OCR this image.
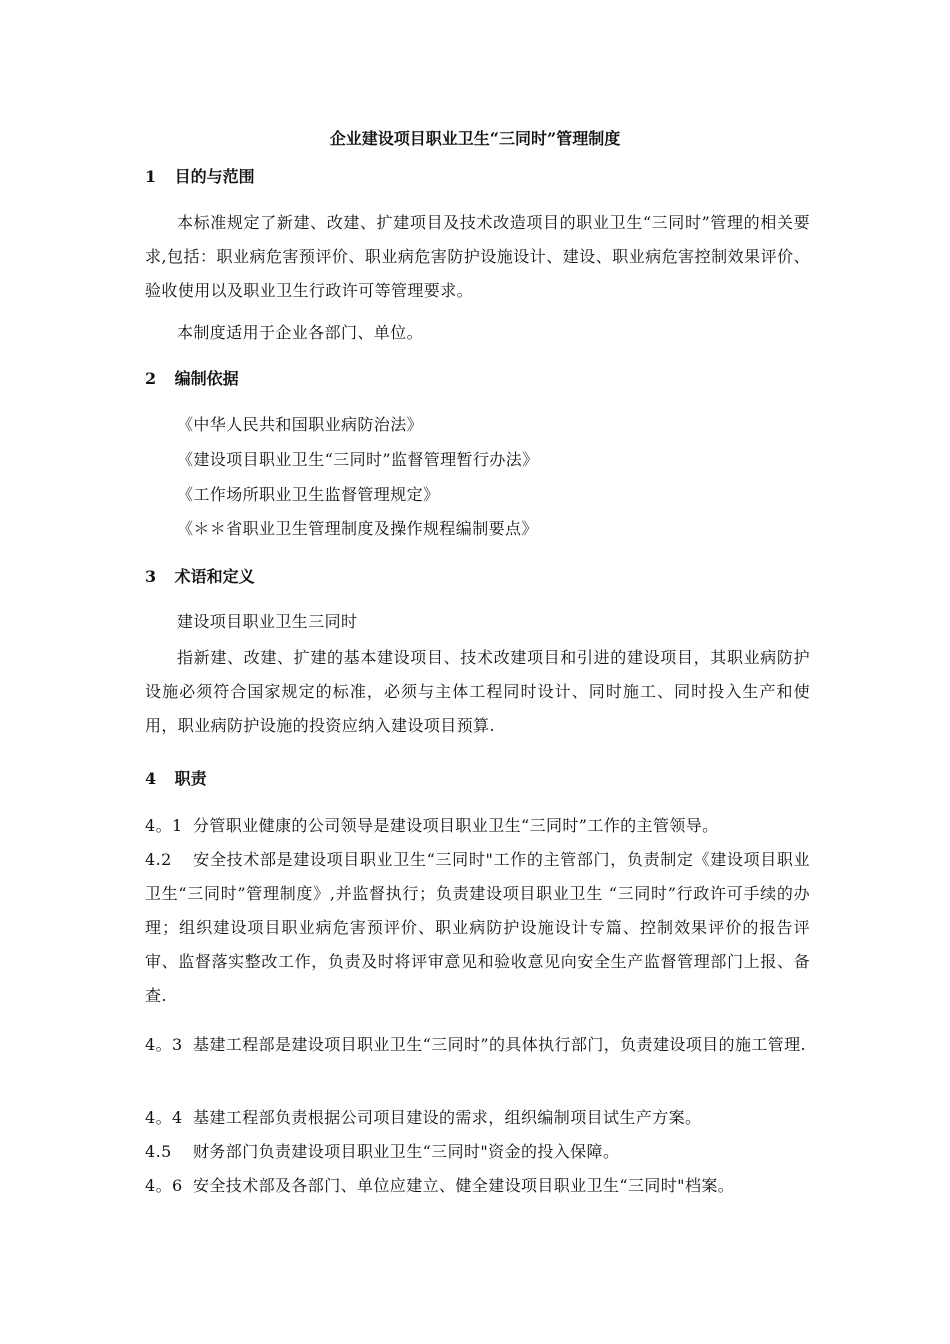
企业建设项目职业卫生“三同时”管理制度
1 目的与范围
本标准规定了新建、改建、扩建项目及技术改造项目的职业卫生“三同时”管理的相关要求,包括：职业病危害预评价、职业病危害防护设施设计、建设、职业病危害控制效果评价、验收使用以及职业卫生行政许可等管理要求。
本制度适用于企业各部门、单位。
2 编制依据
《中华人民共和国职业病防治法》
《建设项目职业卫生“三同时”监督管理暂行办法》
《工作场所职业卫生监督管理规定》
《＊＊省职业卫生管理制度及操作规程编制要点》
3 术语和定义
建设项目职业卫生三同时
指新建、改建、扩建的基本建设项目、技术改建项目和引进的建设项目，其职业病防护设施必须符合国家规定的标准，必须与主体工程同时设计、同时施工、同时投入生产和使用，职业病防护设施的投资应纳入建设项目预算.
4 职责
4。1 分管职业健康的公司领导是建设项目职业卫生“三同时”工作的主管领导。
4.2 安全技术部是建设项目职业卫生“三同时"工作的主管部门，负责制定《建设项目职业卫生“三同时”管理制度》,并监督执行；负责建设项目职业卫生 “三同时”行政许可手续的办理；组织建设项目职业病危害预评价、职业病防护设施设计专篇、控制效果评价的报告评审、监督落实整改工作，负责及时将评审意见和验收意见向安全生产监督管理部门上报、备查.
4。3 基建工程部是建设项目职业卫生“三同时”的具体执行部门，负责建设项目的施工管理.
4。4 基建工程部负责根据公司项目建设的需求，组织编制项目试生产方案。
4.5 财务部门负责建设项目职业卫生“三同时"资金的投入保障。
4。6 安全技术部及各部门、单位应建立、健全建设项目职业卫生“三同时"档案。
